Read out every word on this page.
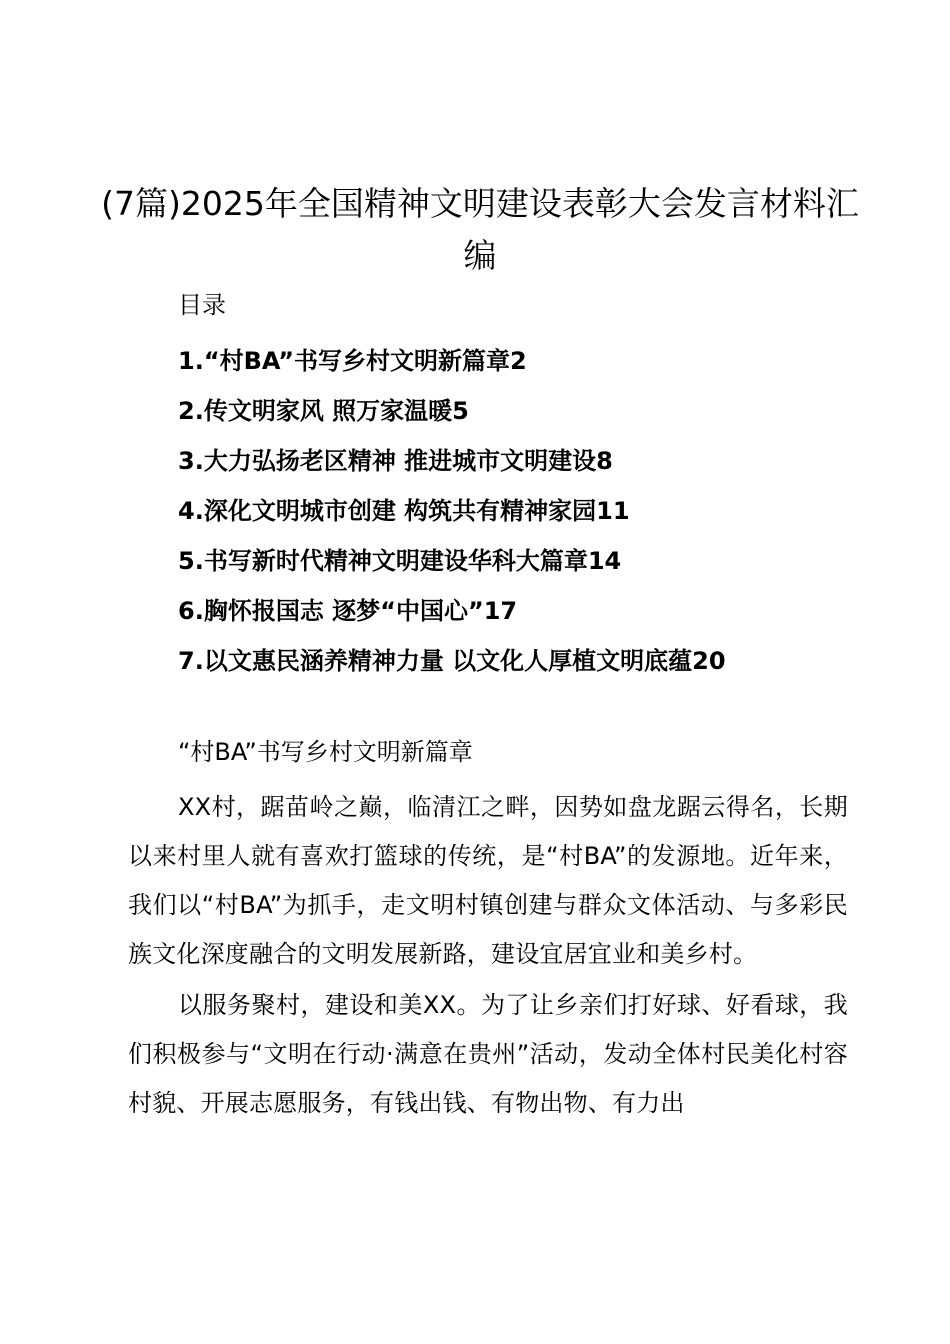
(7篇)2025年全国精神文明建设表彰大会发言材料汇编
目录
1.“村BA”书写乡村文明新篇章2
2.传文明家风 照万家温暖5
3.大力弘扬老区精神 推进城市文明建设8
4.深化文明城市创建 构筑共有精神家园11
5.书写新时代精神文明建设华科大篇章14
6.胸怀报国志 逐梦“中国心”17
7.以文惠民涵养精神力量 以文化人厚植文明底蕴20
“村BA”书写乡村文明新篇章

XX村，踞苗岭之巅，临清江之畔，因势如盘龙踞云得名，长期以来村里人就有喜欢打篮球的传统，是“村BA”的发源地。近年来，我们以“村BA”为抓手，走文明村镇创建与群众文体活动、与多彩民族文化深度融合的文明发展新路，建设宜居宜业和美乡村。

以服务聚村，建设和美XX。为了让乡亲们打好球、好看球，我们积极参与“文明在行动·满意在贵州”活动，发动全体村民美化村容村貌、开展志愿服务，有钱出钱、有物出物、有力出
